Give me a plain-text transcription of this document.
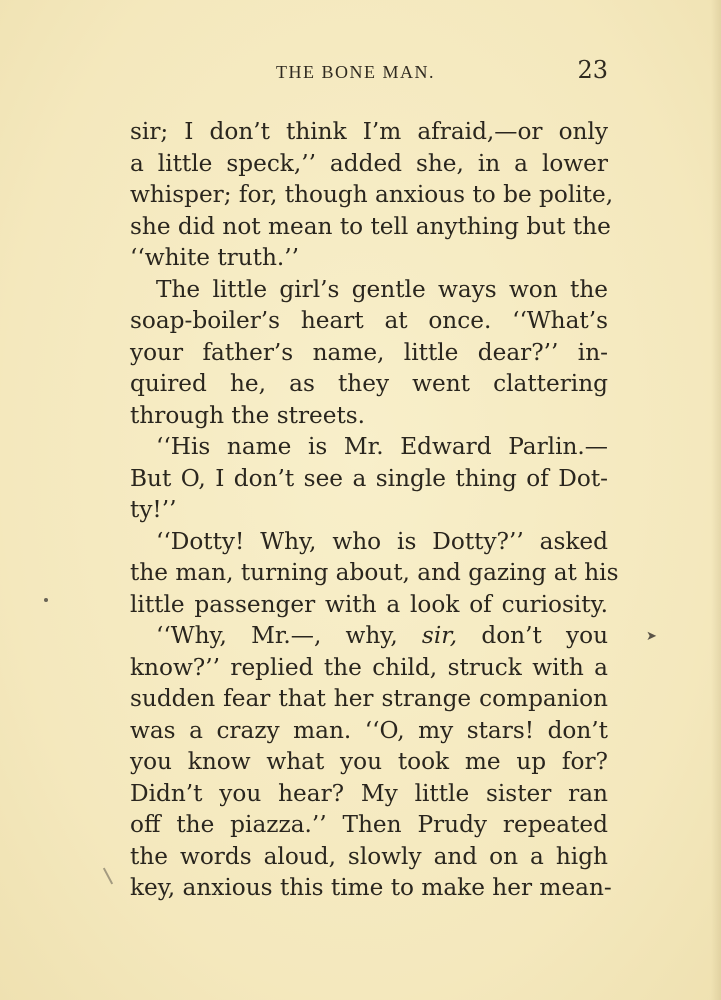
THE BONE MAN.	23
sir; I don’t think I’m afraid,—or only
a little speck,’’ added she, in a lower
whisper; for, though anxious to be polite,
she did not mean to tell anything but the
‘‘white truth.’’
The little girl’s gentle ways won the
soap-boiler’s heart at once. ‘‘What’s
your father’s name, little dear?’’ in-
quired he, as they went clattering
through the streets.
‘‘His name is Mr. Edward Parlin.—
But O, I don’t see a single thing of Dot-
ty!’’
‘‘Dotty! Why, who is Dotty?’’ asked
the man, turning about, and gazing at his
little passenger with a look of curiosity.
‘‘Why, Mr.—, why, sir, don’t you
know?’’ replied the child, struck with a
sudden fear that her strange companion
was a crazy man. ‘‘O, my stars! don’t
you know what you took me up for?
Didn’t you hear? My little sister ran
off the piazza.’’ Then Prudy repeated
the words aloud, slowly and on a high
key, anxious this time to make her mean-
➤
